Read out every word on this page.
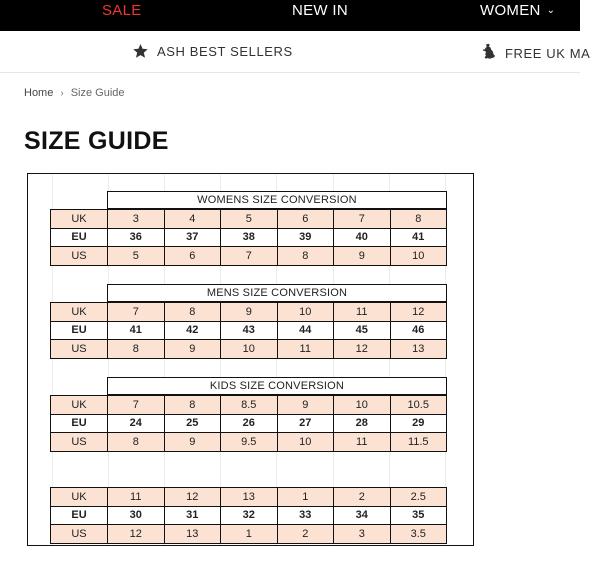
SALE	NEW IN	WOMEN ⌄
ASH BEST SELLERS	FREE UK MA
Home › Size Guide
SIZE GUIDE
WOMENS SIZE CONVERSION
UK	3	4	5	6	7	8
EU	36	37	38	39	40	41
US	5	6	7	8	9	10
MENS SIZE CONVERSION
UK	7	8	9	10	11	12
EU	41	42	43	44	45	46
US	8	9	10	11	12	13
KIDS SIZE CONVERSION
UK	7	8	8.5	9	10	10.5
EU	24	25	26	27	28	29
US	8	9	9.5	10	11	11.5
UK	11	12	13	1	2	2.5
EU	30	31	32	33	34	35
US	12	13	1	2	3	3.5
